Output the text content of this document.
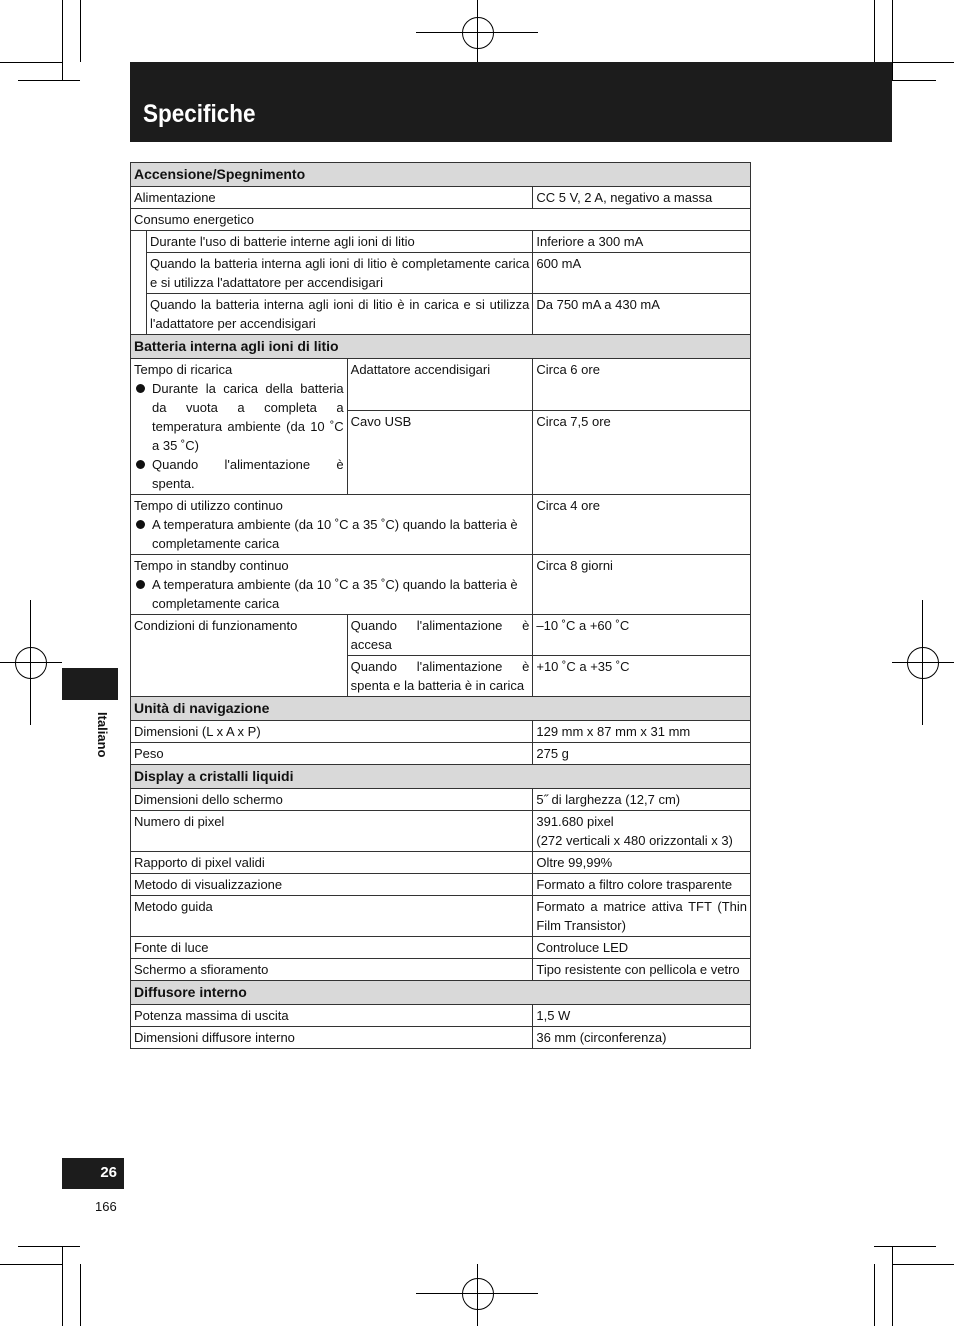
Specifiche
Italiano
26
166
Accensione/Spegnimento			
Alimentazione			CC 5 V, 2 A, negativo a massa
Consumo energetico			
	Durante l'uso di batterie interne agli ioni di litio		Inferiore a 300 mA
	Quando la batteria interna agli ioni di litio è completamente carica e si utilizza l'adattatore per accendisigari		600 mA
	Quando la batteria interna agli ioni di litio è in carica e si utilizza l'adattatore per accendisigari		Da 750 mA a 430 mA
Batteria interna agli ioni di litio			

Tempo di ricarica
Durante la carica della batteria da vuota a completa a temperatura ambiente (da 10 ˚C a 35 ˚C)
Quando l'alimentazione è spenta.		Adattatore accendisigari	Circa 6 ore
		Cavo USB	Circa 7,5 ore

Tempo di utilizzo continuo
A temperatura ambiente (da 10 ˚C a 35 ˚C) quando la batteria è completamente carica			Circa 4 ore

Tempo in standby continuo
A temperatura ambiente (da 10 ˚C a 35 ˚C) quando la batteria è completamente carica			Circa 8 giorni
Condizioni di funzionamento		Quando l'alimentazione è accesa	–10 ˚C a +60 ˚C
		Quando l'alimentazione è spenta e la batteria è in carica	+10 ˚C a +35 ˚C
Unità di navigazione			
Dimensioni (L x A x P)			129 mm x 87 mm x 31 mm
Peso			275 g
Display a cristalli liquidi			
Dimensioni dello schermo			5˝ di larghezza (12,7 cm)
Numero di pixel			391.680 pixel
(272 verticali x 480 orizzontali x 3)

Rapporto di pixel validi			Oltre 99,99%
Metodo di visualizzazione			Formato a filtro colore trasparente
Metodo guida			Formato a matrice attiva TFT (Thin Film Transistor)
Fonte di luce			Controluce LED
Schermo a sfioramento			Tipo resistente con pellicola e vetro
Diffusore interno			
Potenza massima di uscita			1,5 W
Dimensioni diffusore interno			36 mm (circonferenza)
